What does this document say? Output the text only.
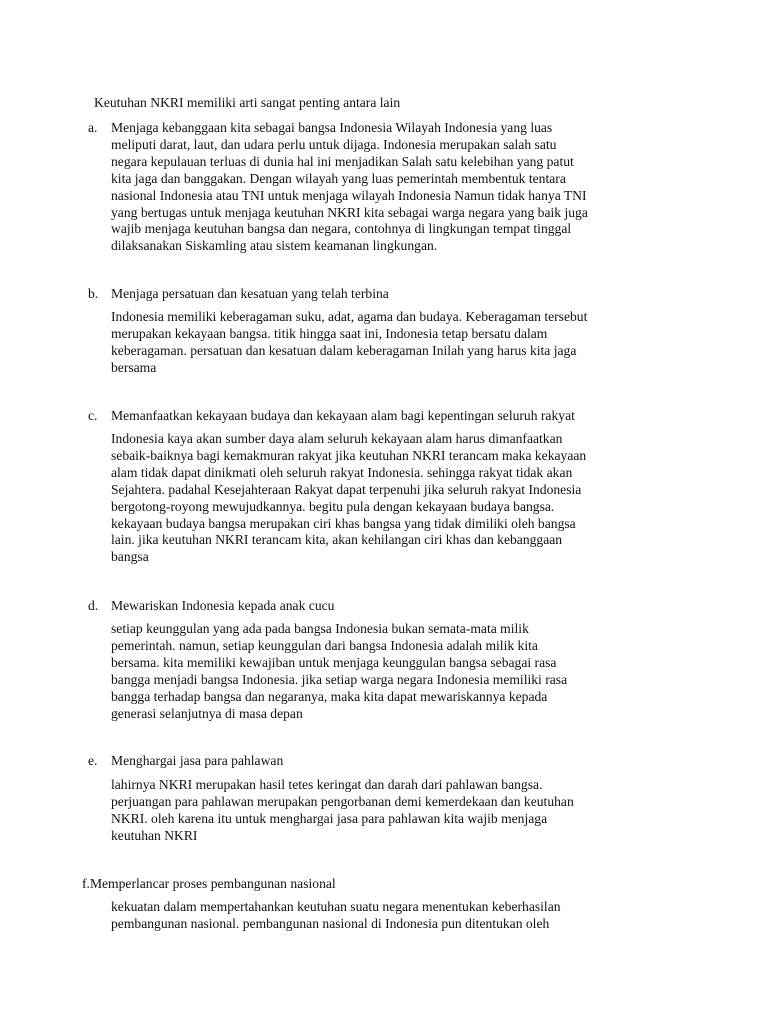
Keutuhan NKRI memiliki arti sangat penting antara lain
a. Menjaga kebanggaan kita sebagai bangsa Indonesia Wilayah Indonesia yang luas
meliputi darat, laut, dan udara perlu untuk dijaga. Indonesia merupakan salah satu
negara kepulauan terluas di dunia hal ini menjadikan Salah satu kelebihan yang patut
kita jaga dan banggakan. Dengan wilayah yang luas pemerintah membentuk tentara
nasional Indonesia atau TNI untuk menjaga wilayah Indonesia Namun tidak hanya TNI
yang bertugas untuk menjaga keutuhan NKRI kita sebagai warga negara yang baik juga
wajib menjaga keutuhan bangsa dan negara, contohnya di lingkungan tempat tinggal
dilaksanakan Siskamling atau sistem keamanan lingkungan.
b. Menjaga persatuan dan kesatuan yang telah terbina
Indonesia memiliki keberagaman suku, adat, agama dan budaya. Keberagaman tersebut
merupakan kekayaan bangsa. titik hingga saat ini, Indonesia tetap bersatu dalam
keberagaman. persatuan dan kesatuan dalam keberagaman Inilah yang harus kita jaga
bersama
c. Memanfaatkan kekayaan budaya dan kekayaan alam bagi kepentingan seluruh rakyat
Indonesia kaya akan sumber daya alam seluruh kekayaan alam harus dimanfaatkan
sebaik-baiknya bagi kemakmuran rakyat jika keutuhan NKRI terancam maka kekayaan
alam tidak dapat dinikmati oleh seluruh rakyat Indonesia. sehingga rakyat tidak akan
Sejahtera. padahal Kesejahteraan Rakyat dapat terpenuhi jika seluruh rakyat Indonesia
bergotong-royong mewujudkannya. begitu pula dengan kekayaan budaya bangsa.
kekayaan budaya bangsa merupakan ciri khas bangsa yang tidak dimiliki oleh bangsa
lain. jika keutuhan NKRI terancam kita, akan kehilangan ciri khas dan kebanggaan
bangsa
d. Mewariskan Indonesia kepada anak cucu
setiap keunggulan yang ada pada bangsa Indonesia bukan semata-mata milik
pemerintah. namun, setiap keunggulan dari bangsa Indonesia adalah milik kita
bersama. kita memiliki kewajiban untuk menjaga keunggulan bangsa sebagai rasa
bangga menjadi bangsa Indonesia. jika setiap warga negara Indonesia memiliki rasa
bangga terhadap bangsa dan negaranya, maka kita dapat mewariskannya kepada
generasi selanjutnya di masa depan
e. Menghargai jasa para pahlawan
lahirnya NKRI merupakan hasil tetes keringat dan darah dari pahlawan bangsa.
perjuangan para pahlawan merupakan pengorbanan demi kemerdekaan dan keutuhan
NKRI. oleh karena itu untuk menghargai jasa para pahlawan kita wajib menjaga
keutuhan NKRI
f.Memperlancar proses pembangunan nasional
kekuatan dalam mempertahankan keutuhan suatu negara menentukan keberhasilan
pembangunan nasional. pembangunan nasional di Indonesia pun ditentukan oleh
